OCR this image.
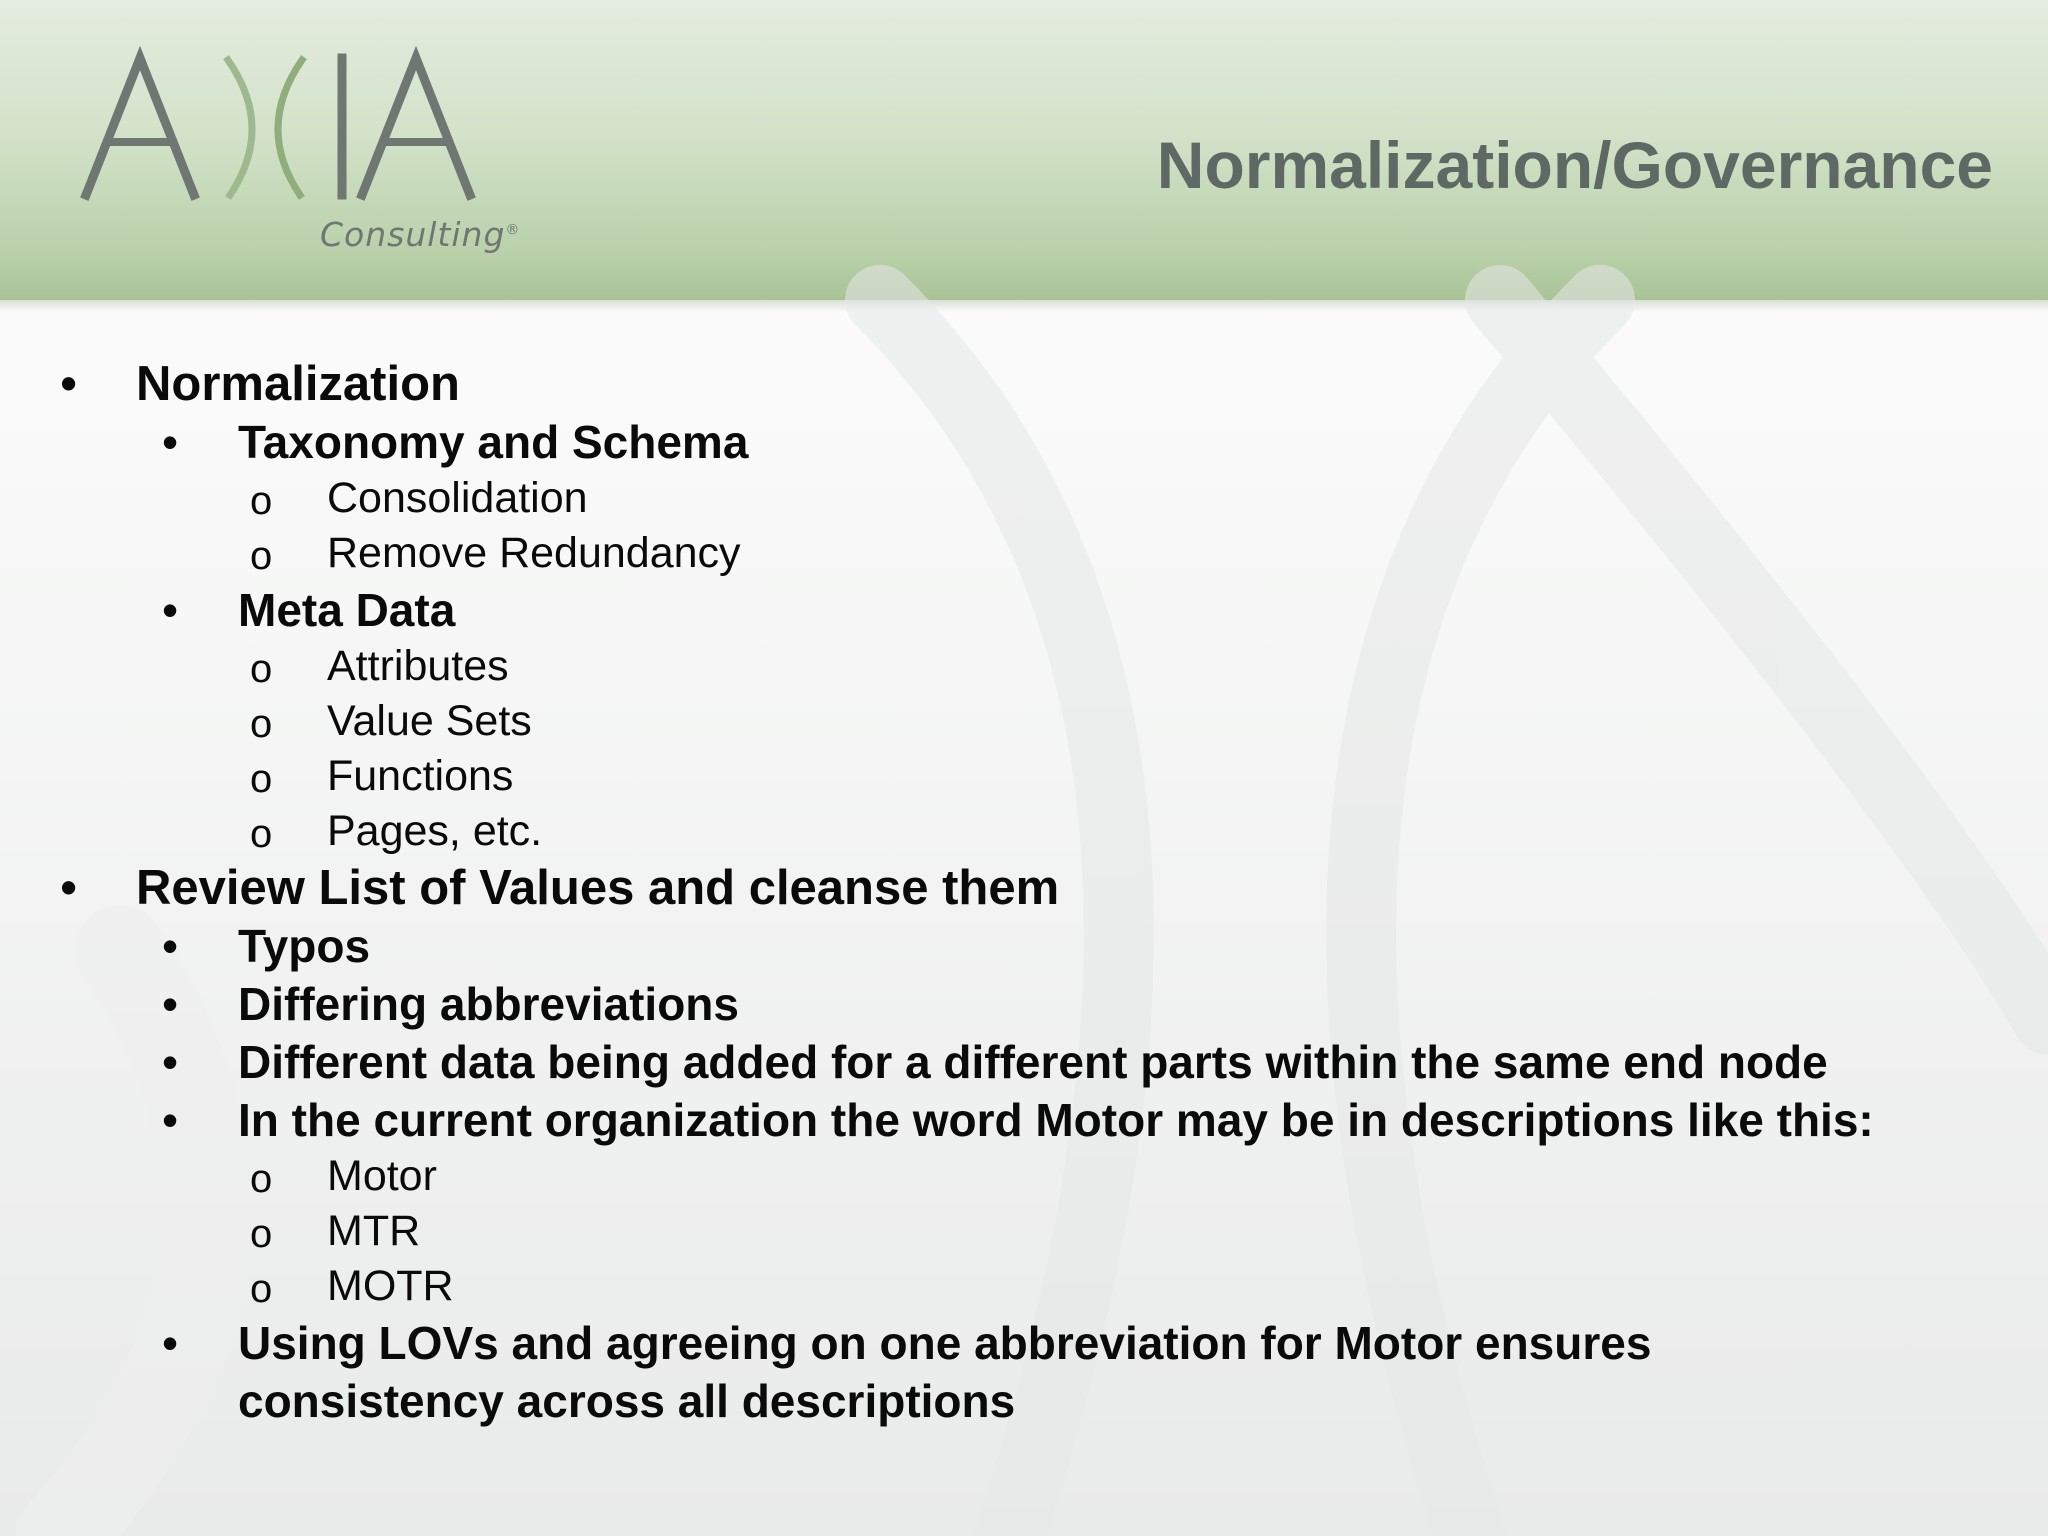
Consulting®
Normalization/Governance
• Normalization
• Taxonomy and Schema
o Consolidation
o Remove Redundancy
• Meta Data
o Attributes
o Value Sets
o Functions
o Pages, etc.
• Review List of Values and cleanse them
• Typos
• Differing abbreviations
• Different data being added for a different parts within the same end node
• In the current organization the word Motor may be in descriptions like this:
o Motor
o MTR
o MOTR
• Using LOVs and agreeing on one abbreviation for Motor ensures consistency across all descriptions
